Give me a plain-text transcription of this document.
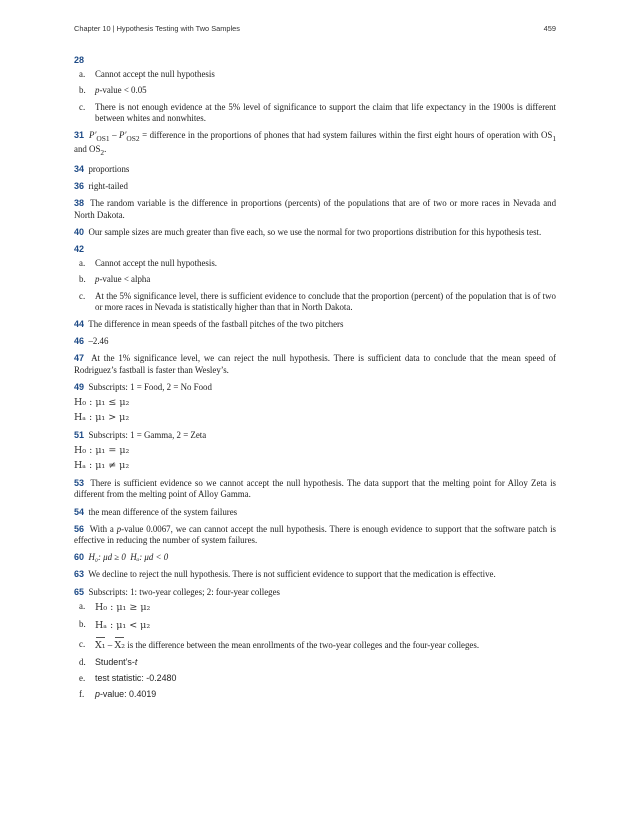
Chapter 10 | Hypothesis Testing with Two Samples	459
28
a. Cannot accept the null hypothesis
b. p-value < 0.05
c. There is not enough evidence at the 5% level of significance to support the claim that life expectancy in the 1900s is different between whites and nonwhites.

31 $P'_{OS1} - P'_{OS2}$ = difference in the proportions of phones that had system failures within the first eight hours of operation with $OS_1$ and $OS_2$.

34 proportions

36 right-tailed

38 The random variable is the difference in proportions (percents) of the populations that are of two or more races in Nevada and North Dakota.

40 Our sample sizes are much greater than five each, so we use the normal for two proportions distribution for this hypothesis test.

42
a. Cannot accept the null hypothesis.
b. p-value < alpha
c. At the 5% significance level, there is sufficient evidence to conclude that the proportion (percent) of the population that is of two or more races in Nevada is statistically higher than that in North Dakota.

44 The difference in mean speeds of the fastball pitches of the two pitchers

46 –2.46

47 At the 1% significance level, we can reject the null hypothesis. There is sufficient data to conclude that the mean speed of Rodriguez’s fastball is faster than Wesley’s.

49 Subscripts: 1 = Food, 2 = No Food
H₀ : μ₁ ≤ μ₂
Hₐ : μ₁ > μ₂
51 Subscripts: 1 = Gamma, 2 = Zeta
H₀ : μ₁ = μ₂
Hₐ : μ₁ ≠ μ₂

53 There is sufficient evidence so we cannot accept the null hypothesis. The data support that the melting point for Alloy Zeta is different from the melting point of Alloy Gamma.

54 the mean difference of the system failures

56 With a p-value 0.0067, we can cannot accept the null hypothesis. There is enough evidence to support that the software patch is effective in reducing the number of system failures.

60 H₀: μd ≥ 0 Hₐ: μd < 0

63 We decline to reject the null hypothesis. There is not sufficient evidence to support that the medication is effective.

65 Subscripts: 1: two-year colleges; 2: four-year colleges
a. H₀ : μ₁ ≥ μ₂
b. Hₐ : μ₁ < μ₂
c. X₁ – X₂ is the difference between the mean enrollments of the two-year colleges and the four-year colleges.
d. Student’s-t
e. test statistic: -0.2480
f. p-value: 0.4019
